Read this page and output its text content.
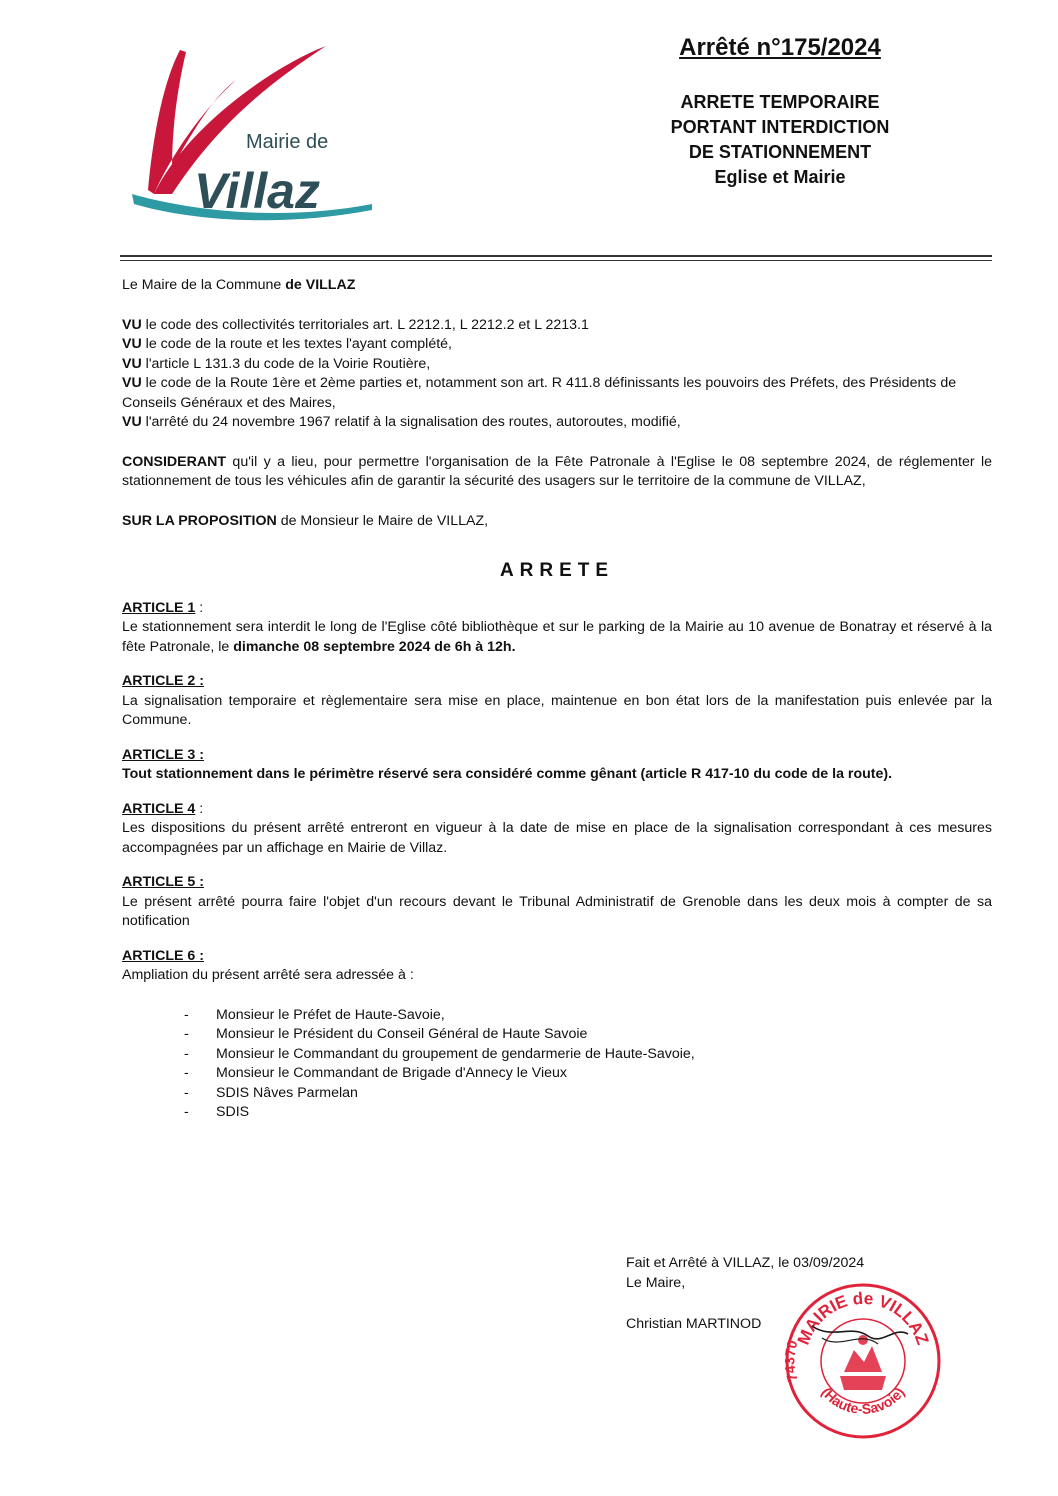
Mairie de
Villaz
Arrêté n°175/2024
ARRETE TEMPORAIRE
PORTANT INTERDICTION
DE STATIONNEMENT
Eglise et Mairie

Le Maire de la Commune de VILLAZ

VU le code des collectivités territoriales art. L 2212.1, L 2212.2 et L 2213.1

VU le code de la route et les textes l'ayant complété,

VU l'article L 131.3 du code de la Voirie Routière,

VU le code de la Route 1ère et 2ème parties et, notamment son art. R 411.8 définissants les pouvoirs des Préfets, des Présidents de Conseils Généraux et des Maires,

VU l'arrêté du 24 novembre 1967 relatif à la signalisation des routes, autoroutes, modifié,

CONSIDERANT qu'il y a lieu, pour permettre l'organisation de la Fête Patronale à l'Eglise le 08 septembre 2024, de réglementer le stationnement de tous les véhicules afin de garantir la sécurité des usagers sur le territoire de la commune de VILLAZ,

SUR LA PROPOSITION de Monsieur le Maire de VILLAZ,

ARRETE

ARTICLE 1 :

Le stationnement sera interdit le long de l'Eglise côté bibliothèque et sur le parking de la Mairie au 10 avenue de Bonatray et réservé à la fête Patronale, le dimanche 08 septembre 2024 de 6h à 12h.

ARTICLE 2 :

La signalisation temporaire et règlementaire sera mise en place, maintenue en bon état lors de la manifestation puis enlevée par la Commune.

ARTICLE 3 :

Tout stationnement dans le périmètre réservé sera considéré comme gênant (article R 417-10 du code de la route).

ARTICLE 4 :

Les dispositions du présent arrêté entreront en vigueur à la date de mise en place de la signalisation correspondant à ces mesures accompagnées par un affichage en Mairie de Villaz.

ARTICLE 5 :

Le présent arrêté pourra faire l'objet d'un recours devant le Tribunal Administratif de Grenoble dans les deux mois à compter de sa notification

ARTICLE 6 :

Ampliation du présent arrêté sera adressée à :

- Monsieur le Préfet de Haute-Savoie,
- Monsieur le Président du Conseil Général de Haute Savoie
- Monsieur le Commandant du groupement de gendarmerie de Haute-Savoie,
- Monsieur le Commandant de Brigade d'Annecy le Vieux
- SDIS Nâves Parmelan
- SDIS

Fait et Arrêté à VILLAZ, le 03/09/2024

Le Maire,

Christian MARTINOD

MAIRIE de VILLAZ
(Haute-Savoie)
74370
